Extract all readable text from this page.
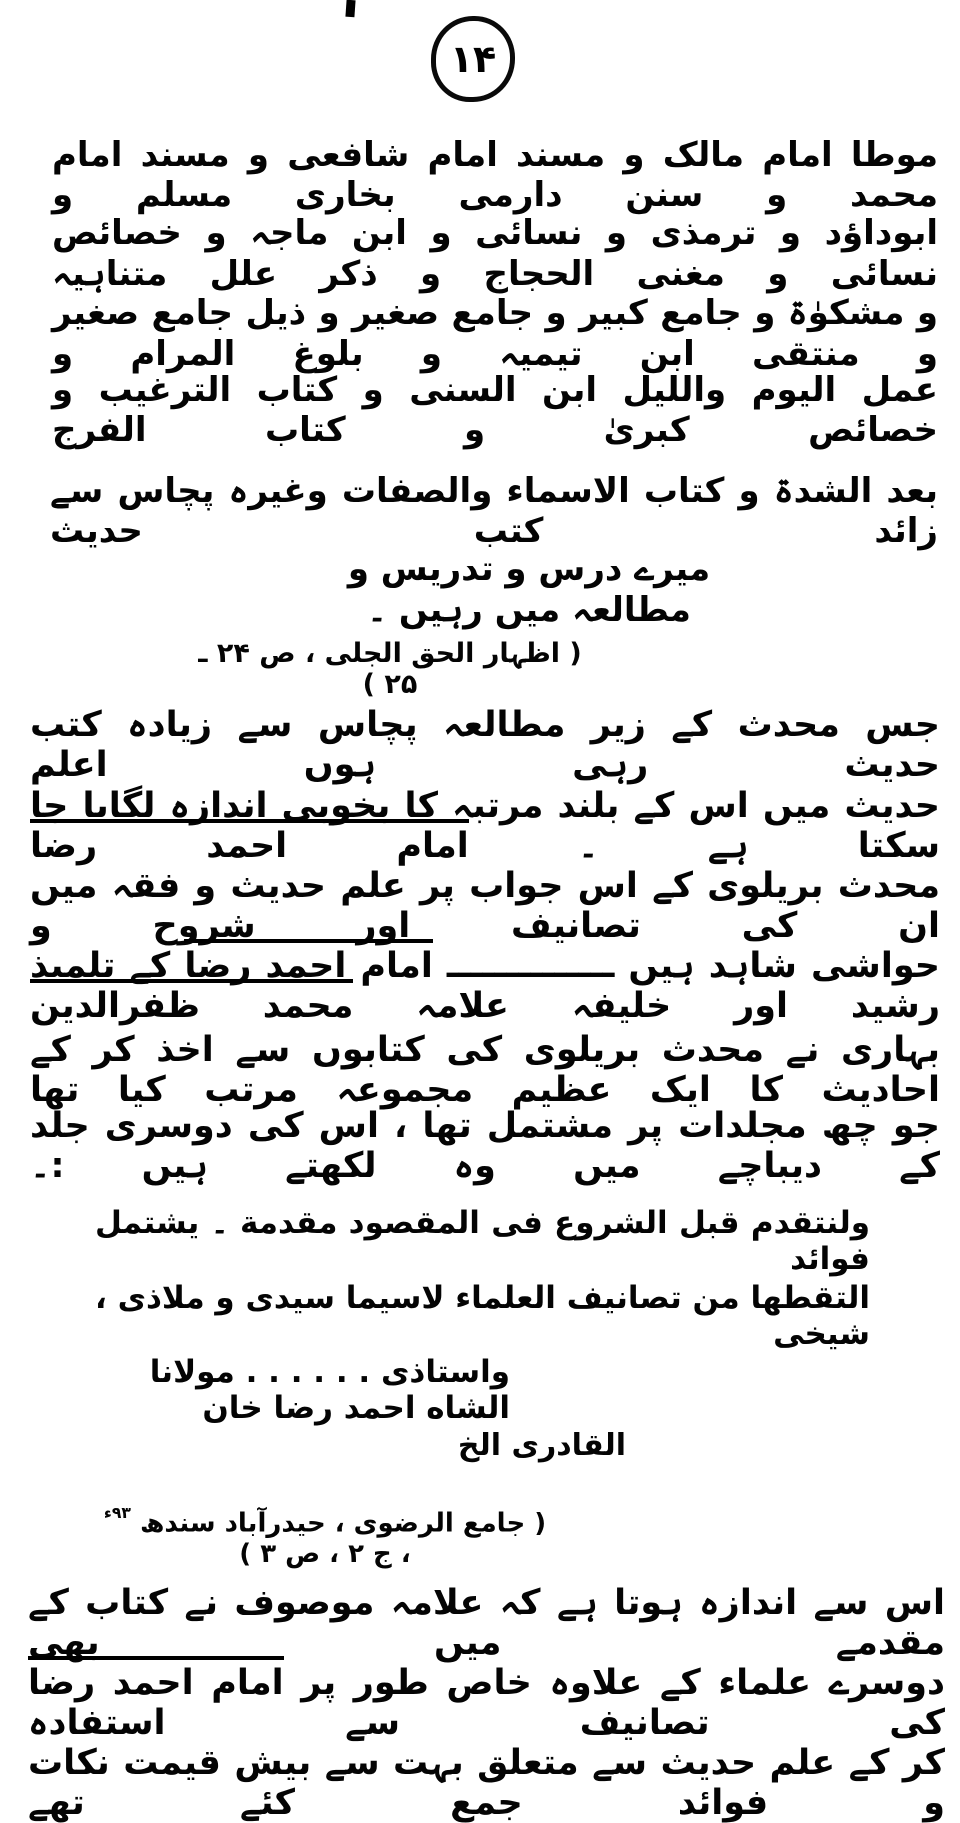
۱۴
موطا امام مالک و مسند امام شافعی و مسند امام محمد و سنن دارمی بخاری مسلم و
ابوداؤد و ترمذی و نسائی و ابن ماجہ و خصائص نسائی و مغنی الحجاج و ذکر علل متناہیہ
و مشکوٰۃ و جامع کبیر و جامع صغیر و ذیل جامع صغیر و منتقی ابن تیمیہ و بلوغ المرام و
عمل الیوم واللیل ابن السنی و کتاب الترغیب و خصائص کبریٰ و کتاب الفرج
بعد الشدۃ و کتاب الاسماء والصفات وغیرہ پچاس سے زائد کتب حدیث
میرے درس و تدریس و مطالعہ میں رہیں ۔
( اظہار الحق الجلی ، ص ۲۴ ـ ۲۵ )
جس محدث کے زیر مطالعہ پچاس سے زیادہ کتب حدیث رہی ہوں اعلم
حدیث میں اس کے بلند مرتبہ کا بخوبی اندازہ لگایا جا سکتا ہے ۔ امام احمد رضا
محدث بریلوی کے اس جواب پر علم حدیث و فقہ میں ان کی تصانیف اور شروح و
حواشی شاہد ہیں ــــــــــــــ امام احمد رضا کے تلمیذ رشید اور خلیفہ علامہ محمد ظفرالدین
بہاری نے محدث بریلوی کی کتابوں سے اخذ کر کے احادیث کا ایک عظیم مجموعہ مرتب کیا تھا
جو چھ مجلدات پر مشتمل تھا ، اس کی دوسری جلد کے دیباچے میں وہ لکھتے ہیں :۔
ولنتقدم قبل الشروع فی المقصود مقدمة ۔ یشتمل فوائد
التقطها من تصانیف العلماء لاسیما سیدی و ملاذی ، شیخی
واستاذی . . . . . . مولانا الشاه احمد رضا خان
القادری الخ
( جامع الرضوی ، حیدرآباد سندھ $^{۹۳ء}$ ، ج ۲ ، ص ۳ )
اس سے اندازہ ہوتا ہے کہ علامہ موصوف نے کتاب کے مقدمے میں بھی
دوسرے علماء کے علاوہ خاص طور پر امام احمد رضا کی تصانیف سے استفادہ
کر کے علم حدیث سے متعلق بہت سے بیش قیمت نکات و فوائد جمع کئے تھے
